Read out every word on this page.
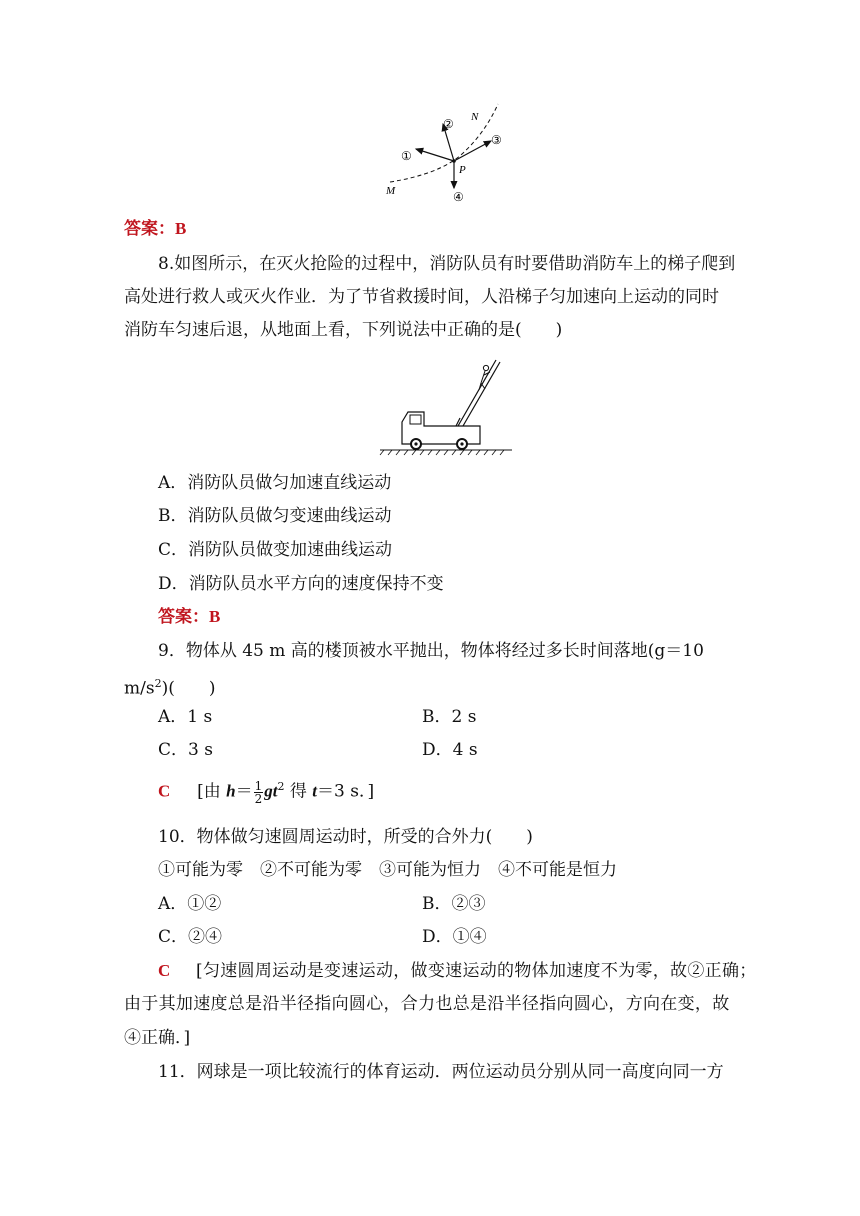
N
M
P
①
②
③
④
答案：B
8.如图所示，在灭火抢险的过程中，消防队员有时要借助消防车上的梯子爬到
高处进行救人或灭火作业．为了节省救援时间，人沿梯子匀加速向上运动的同时
消防车匀速后退，从地面上看，下列说法中正确的是(　　)
A．消防队员做匀加速直线运动
B．消防队员做匀变速曲线运动
C．消防队员做变加速曲线运动
D．消防队员水平方向的速度保持不变
答案：B
9．物体从 45 m 高的楼顶被水平抛出，物体将经过多长时间落地(g＝10
$m/s^2$)(　　)
A．1 s	B．2 s
C．3 s	D．4 s
C [由 $h= \frac{1}{2} gt^2$ 得 t＝3 s．]
10．物体做匀速圆周运动时，所受的合外力(　　)
①可能为零　②不可能为零　③可能为恒力　④不可能是恒力
A．①②	B．②③
C．②④	D．①④
C [匀速圆周运动是变速运动，做变速运动的物体加速度不为零，故②正确；
由于其加速度总是沿半径指向圆心，合力也总是沿半径指向圆心，方向在变，故
④正确．]
11．网球是一项比较流行的体育运动．两位运动员分别从同一高度向同一方
